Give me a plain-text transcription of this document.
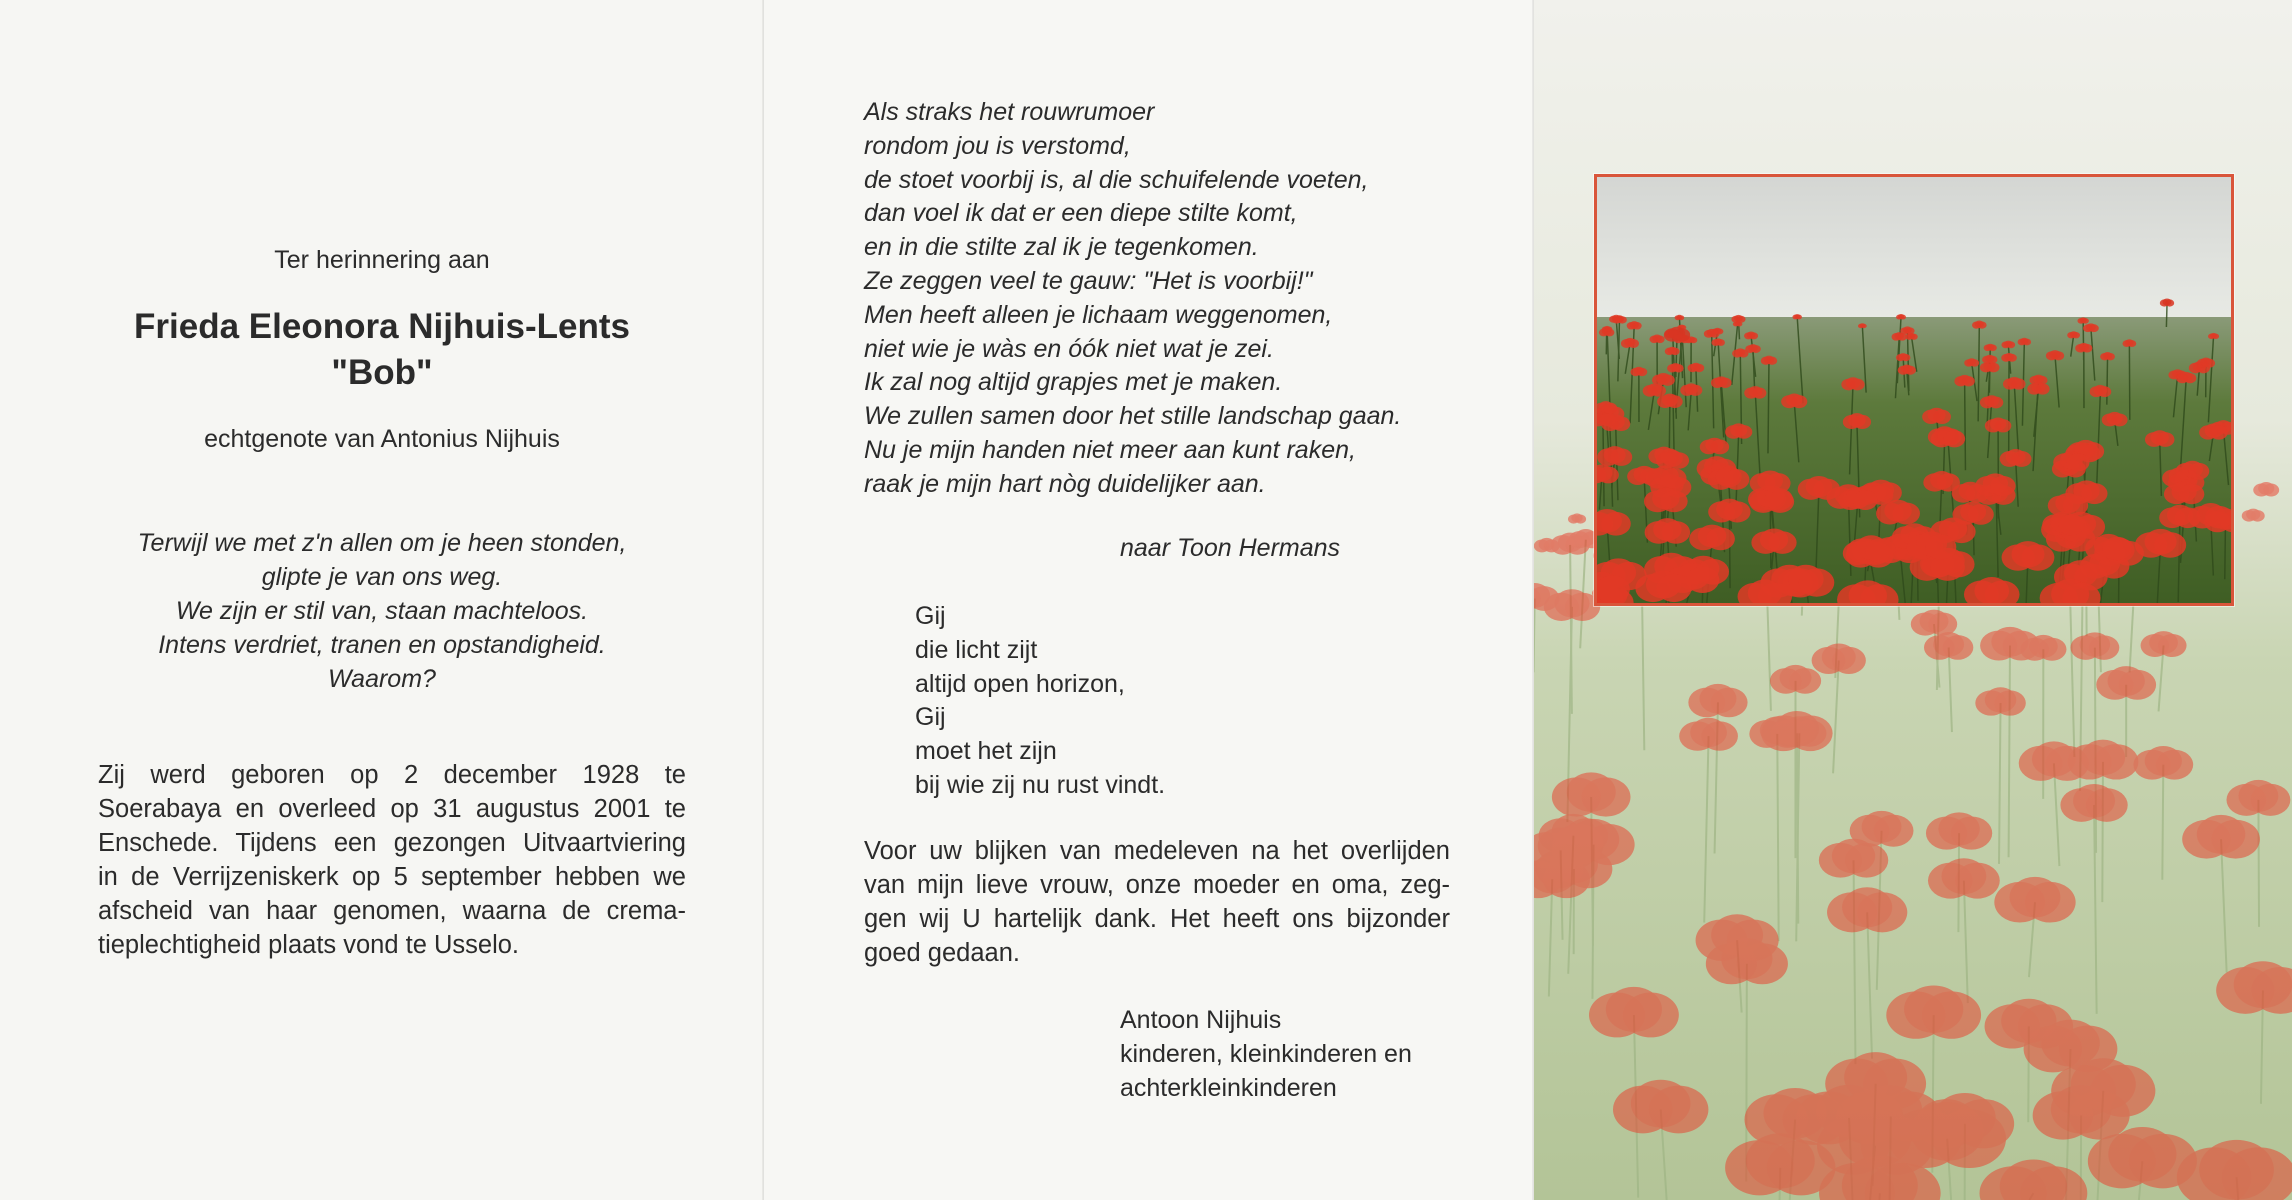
Ter herinnering aan
Frieda Eleonora Nijhuis-Lents
"Bob"
echtgenote van Antonius Nijhuis
Terwijl we met z'n allen om je heen stonden,
glipte je van ons weg.
We zijn er stil van, staan machteloos.
Intens verdriet, tranen en opstandigheid.
Waarom?
Zij werd geboren op 2 december 1928 te
Soerabaya en overleed op 31 augustus 2001 te
Enschede. Tijdens een gezongen Uitvaartviering
in de Verrijzeniskerk op 5 september hebben we
afscheid van haar genomen, waarna de crema-
tieplechtigheid plaats vond te Usselo.
Als straks het rouwrumoer
rondom jou is verstomd,
de stoet voorbij is, al die schuifelende voeten,
dan voel ik dat er een diepe stilte komt,
en in die stilte zal ik je tegenkomen.
Ze zeggen veel te gauw: "Het is voorbij!"
Men heeft alleen je lichaam weggenomen,
niet wie je wàs en óók niet wat je zei.
Ik zal nog altijd grapjes met je maken.
We zullen samen door het stille landschap gaan.
Nu je mijn handen niet meer aan kunt raken,
raak je mijn hart nòg duidelijker aan.
naar Toon Hermans
Gij
die licht zijt
altijd open horizon,
Gij
moet het zijn
bij wie zij nu rust vindt.
Voor uw blijken van medeleven na het overlijden
van mijn lieve vrouw, onze moeder en oma, zeg-
gen wij U hartelijk dank. Het heeft ons bijzonder
goed gedaan.
Antoon Nijhuis
kinderen, kleinkinderen en
achterkleinkinderen
